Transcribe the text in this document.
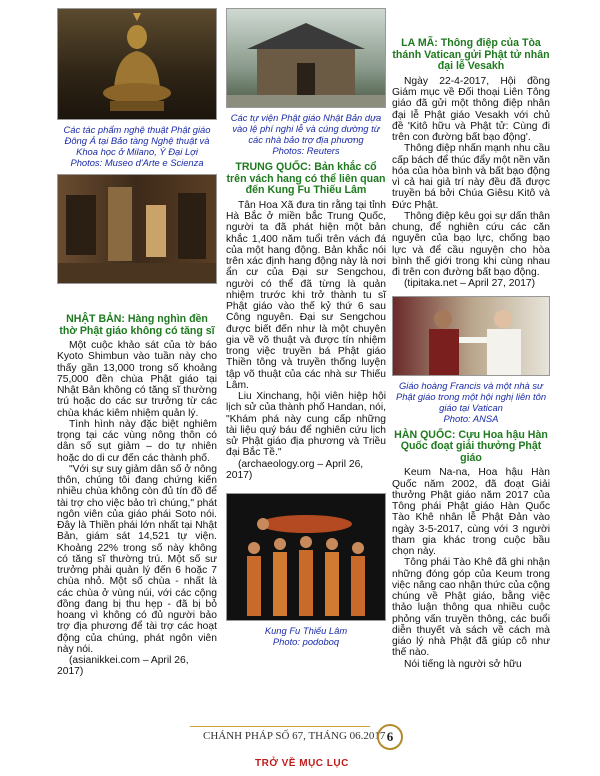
Các tác phẩm nghệ thuật Phật giáo Đông Á tại Bảo tàng Nghệ thuật và Khoa học ở Milano, Ý Đại Lợi
Photos: Museo d'Arte e Scienza
NHẬT BẢN: Hàng nghìn đền thờ Phật giáo không có tăng sĩ

Một cuộc khảo sát của tờ báo Kyoto Shimbun vào tuần này cho thấy gần 13,000 trong số khoảng 75,000 đền chùa Phật giáo tại Nhật Bản không có tăng sĩ thường trú hoặc do các sư trưởng từ các chùa khác kiêm nhiệm quản lý.

Tình hình này đặc biệt nghiêm trọng tại các vùng nông thôn có dân số sụt giảm – do tự nhiên hoặc do di cư đến các thành phố.

"Với sự suy giảm dân số ở nông thôn, chúng tôi đang chứng kiến nhiều chùa không còn đủ tín đồ để tài trợ cho việc bảo trì chúng," phát ngôn viên của giáo phái Soto nói. Đây là Thiền phái lớn nhất tại Nhật Bản, giám sát 14,521 tự viện. Khoảng 22% trong số này không có tăng sĩ thường trú. Một số sư trưởng phải quản lý đến 6 hoặc 7 chùa nhỏ. Một số chùa - nhất là các chùa ở vùng núi, với các cộng đồng đang bị thu hẹp - đã bị bỏ hoang vì không có đủ người bảo trợ địa phương để tài trợ các hoạt động của chúng, phát ngôn viên này nói.

(asianikkei.com – April 26, 2017)

Các tự viện Phật giáo Nhật Bản dựa vào lệ phí nghi lễ và cúng dường từ các nhà bảo trợ địa phương
Photos: Reuters
TRUNG QUỐC: Bản khắc cổ trên vách hang có thể liên quan đến Kung Fu Thiếu Lâm

Tân Hoa Xã đưa tin rằng tại tỉnh Hà Bắc ở miền bắc Trung Quốc, người ta đã phát hiện một bản khắc 1,400 năm tuổi trên vách đá của một hang động. Bản khắc nói trên xác định hang động này là nơi ẩn cư của Đại sư Sengchou, người có thể đã từng là quản nhiệm trước khi trở thành tu sĩ Phật giáo vào thế kỷ thứ 6 sau Công nguyên. Đại sư Sengchou được biết đến như là một chuyên gia về võ thuật và được tín nhiệm trong việc truyền bá Phật giáo Thiền tông và truyền thống luyện tập võ thuật của các nhà sư Thiếu Lâm.

Liu Xinchang, hội viên hiệp hội lịch sử của thành phố Handan, nói, "Khám phá này cung cấp những tài liệu quý báu để nghiên cứu lịch sử Phật giáo địa phương và Triều đại Bắc Tề."

(archaeology.org – April 26, 2017)

Kung Fu Thiếu Lâm
Photo: podoboq
LA MÃ: Thông điệp của Tòa thánh Vatican gửi Phật tử nhân đại lễ Vesakh

Ngày 22-4-2017, Hội đồng Giám mục về Đối thoại Liên Tông giáo đã gửi một thông điệp nhân đại lễ Phật giáo Vesakh với chủ đề 'Kitô hữu và Phật tử: Cùng đi trên con đường bất bạo động'.

Thông điệp nhấn mạnh nhu cầu cấp bách để thúc đẩy một nền văn hóa của hòa bình và bất bạo động vì cả hai giả trí này đều đã được truyền bá bởi Chúa Giêsu Kitô và Đức Phật.

Thông điệp kêu gọi sự dấn thân chung, để nghiên cứu các căn nguyên của bạo lực, chống bạo lực và để cầu nguyện cho hòa bình thế giới trong khi cùng nhau đi trên con đường bất bạo động.

(tipitaka.net – April 27, 2017)

Giáo hoàng Francis và một nhà sư Phật giáo trong một hội nghị liên tôn giáo tại Vatican
Photo: ANSA
HÀN QUỐC: Cựu Hoa hậu Hàn Quốc đoạt giải thưởng Phật giáo

Keum Na-na, Hoa hậu Hàn Quốc năm 2002, đã đoạt Giải thưởng Phật giáo năm 2017 của Tông phái Phật giáo Hàn Quốc Tào Khê nhân lễ Phật Đản vào ngày 3-5-2017, cùng với 3 người tham gia khác trong cuộc bầu chọn này.

Tông phái Tào Khê đã ghi nhận những đóng góp của Keum trong việc nâng cao nhận thức của cộng chúng về Phật giáo, bằng việc thảo luận thông qua nhiều cuộc phỏng vấn truyền thông, các buổi diễn thuyết và sách về cách mà giáo lý nhà Phật đã giúp cô như thế nào.

Nói tiếng là người sở hữu

CHÁNH PHÁP SỐ 67, THÁNG 06.2017 6
TRỞ VỀ MỤC LỤC
